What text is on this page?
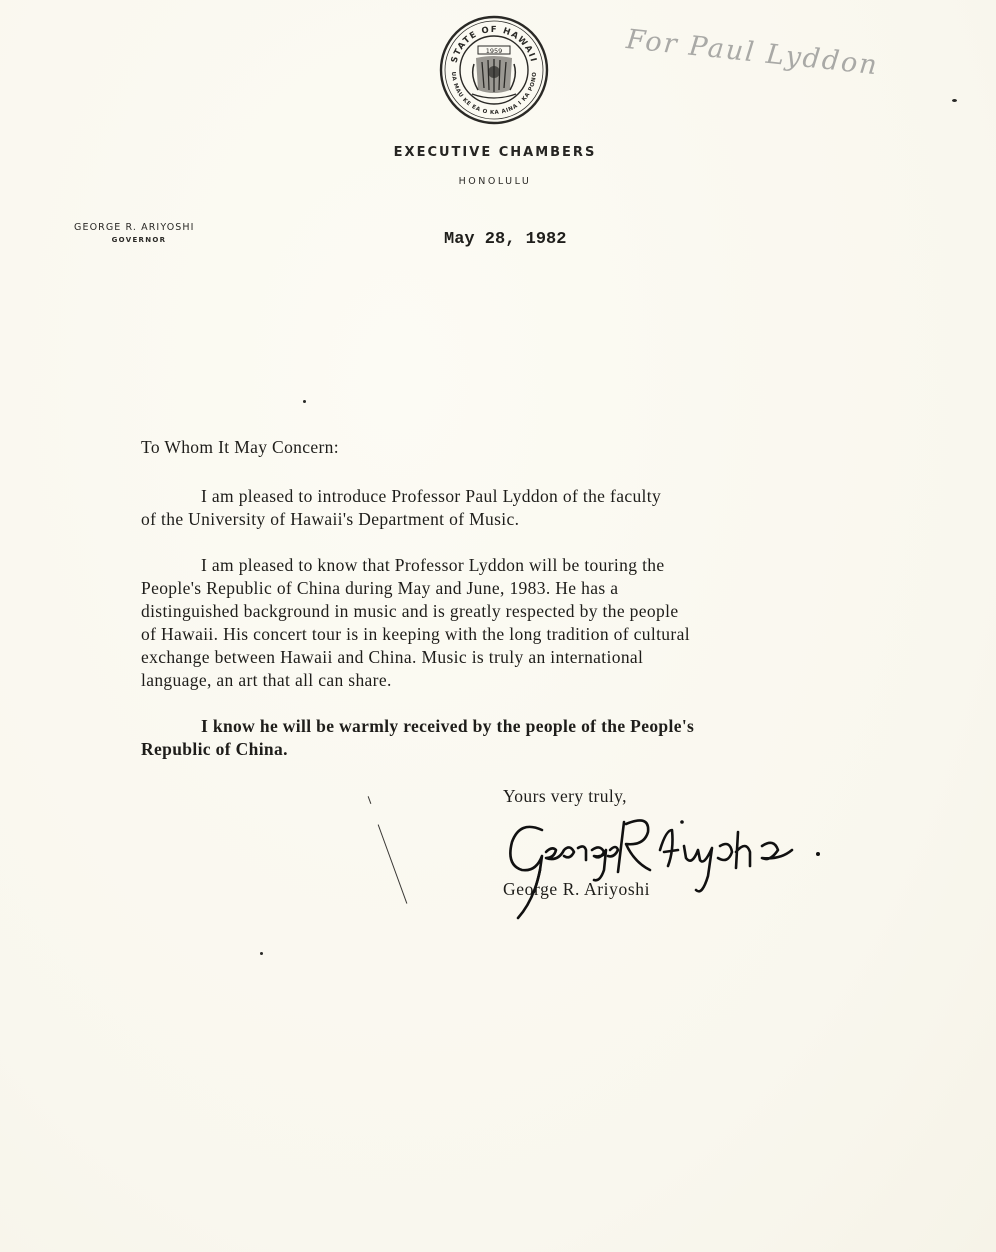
STATE OF HAWAII
UA MAU KE EA O KA AINA I KA PONO
1959	For Paul Lyddon
EXECUTIVE CHAMBERS
HONOLULU
GEORGE R. ARIYOSHI
GOVERNOR	May 28, 1982
To Whom It May Concern:
I am pleased to introduce Professor Paul Lyddon of the faculty
of the University of Hawaii's Department of Music.
I am pleased to know that Professor Lyddon will be touring the
People's Republic of China during May and June, 1983. He has a
distinguished background in music and is greatly respected by the people
of Hawaii. His concert tour is in keeping with the long tradition of cultural
exchange between Hawaii and China. Music is truly an international
language, an art that all can share.
I know he will be warmly received by the people of the People's
Republic of China.
Yours very truly,
George R. Ariyoshi
